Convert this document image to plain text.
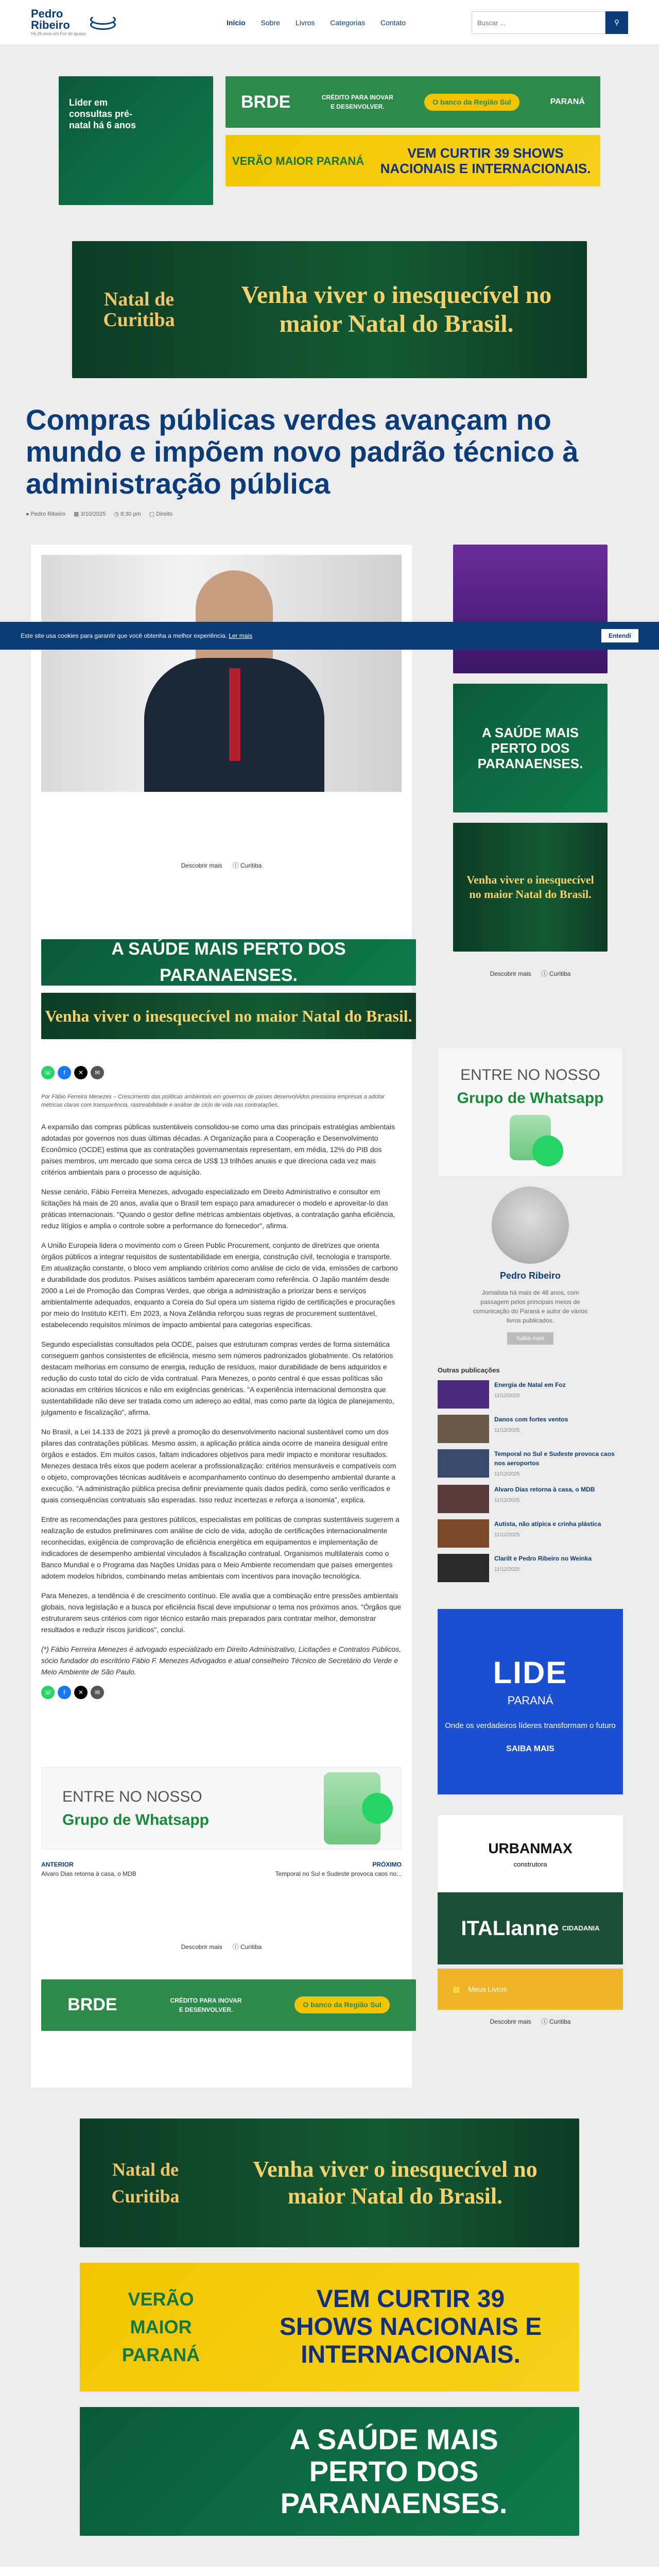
Pedro
Ribeiro
Há 26 anos em Foz do Iguaçu
Início Sobre Livros Categorias Contato
Buscar ...	⚲
Líder em consultas pré-natal há 6 anos
BRDE	CRÉDITO PARA INOVAR E DESENVOLVER.
O banco da Região Sul	PARANÁ
VERÃO MAIOR PARANÁ	VEM CURTIR 39 SHOWS NACIONAIS E INTERNACIONAIS.
Natal de Curitiba
Venha viver o inesquecível no maior Natal do Brasil.
Compras públicas verdes avançam no mundo e impõem novo padrão técnico à administração pública
● Pedro Ribeiro ▦ 3/10/2025 ◷ 8:30 pm ▢ Direito
Este site usa cookies para garantir que você obtenha a melhor experiência.
Ler mais	Entendi
Descobrir mais ⓘ Curitiba
A SAÚDE MAIS PERTO DOS PARANAENSES.
Venha viver o inesquecível no maior Natal do Brasil.
☏	f	✕	✉

Por Fábio Ferreira Menezes – Crescimento das políticas ambientais em governos de países desenvolvidos pressiona empresas a adotar métricas claras com transparência, rastreabilidade e análise de ciclo de vida nas contratações.

A expansão das compras públicas sustentáveis consolidou-se como uma das principais estratégias ambientais adotadas por governos nos duas últimas décadas. A Organização para a Cooperação e Desenvolvimento Econômico (OCDE) estima que as contratações governamentais representam, em média, 12% do PIB dos países membros, um mercado que soma cerca de US$ 13 trilhões anuais e que direciona cada vez mais critérios ambientais para o processo de aquisição.

Nesse cenário, Fábio Ferreira Menezes, advogado especializado em Direito Administrativo e consultor em licitações há mais de 20 anos, avalia que o Brasil tem espaço para amadurecer o modelo e aproveitar-lo das práticas internacionais. "Quando o gestor define métricas ambientais objetivas, a contratação ganha eficiência, reduz litígios e amplia o controle sobre a performance do fornecedor", afirma.

A União Europeia lidera o movimento com o Green Public Procurement, conjunto de diretrizes que orienta órgãos públicos a integrar requisitos de sustentabilidade em energia, construção civil, tecnologia e transporte. Em atualização constante, o bloco vem ampliando critérios como análise de ciclo de vida, emissões de carbono e durabilidade dos produtos. Países asiáticos também apareceram como referência. O Japão mantém desde 2000 a Lei de Promoção das Compras Verdes, que obriga a administração a priorizar bens e serviços ambientalmente adequados, enquanto a Coreia do Sul opera um sistema rígido de certificações e procurações por meio do Instituto KEITI. Em 2023, a Nova Zelândia reforçou suas regras de procurement sustentável, estabelecendo requisitos mínimos de impacto ambiental para categorias específicas.

Segundo especialistas consultados pela OCDE, países que estruturam compras verdes de forma sistemática conseguem ganhos consistentes de eficiência, mesmo sem números padronizados globalmente. Os relatórios destacam melhorias em consumo de energia, redução de resíduos, maior durabilidade de bens adquiridos e redução do custo total do ciclo de vida contratual. Para Menezes, o ponto central é que essas políticas são acionadas em critérios técnicos e não em exigências genéricas. "A experiência internacional demonstra que sustentabilidade não deve ser tratada como um adereço ao edital, mas como parte da lógica de planejamento, julgamento e fiscalização", afirma.

No Brasil, a Lei 14.133 de 2021 já prevê a promoção do desenvolvimento nacional sustentável como um dos pilares das contratações públicas. Mesmo assim, a aplicação prática ainda ocorre de maneira desigual entre órgãos e estados. Em muitos casos, faltam indicadores objetivos para medir impacto e monitorar resultados. Menezes destaca três eixos que podem acelerar a profissionalização: critérios mensuráveis e compatíveis com o objeto, comprovações técnicas auditáveis e acompanhamento contínuo do desempenho ambiental durante a execução. "A administração pública precisa definir previamente quais dados pedirá, como serão verificados e quais consequências contratuais são esperadas. Isso reduz incertezas e reforça a isonomia", explica.

Entre as recomendações para gestores públicos, especialistas em políticas de compras sustentáveis sugerem a realização de estudos preliminares com análise de ciclo de vida, adoção de certificações internacionalmente reconhecidas, exigência de comprovação de eficiência energética em equipamentos e implementação de indicadores de desempenho ambiental vinculados à fiscalização contratual. Organismos multilaterais como o Banco Mundial e o Programa das Nações Unidas para o Meio Ambiente recomendam que países emergentes adotem modelos híbridos, combinando metas ambientais com incentivos para inovação tecnológica.

Para Menezes, a tendência é de crescimento contínuo. Ele avalia que a combinação entre pressões ambientais globais, nova legislação e a busca por eficiência fiscal deve impulsionar o tema nos próximos anos. "Órgãos que estruturarem seus critérios com rigor técnico estarão mais preparados para contratar melhor, demonstrar resultados e reduzir riscos jurídicos", conclui.

(*) Fábio Ferreira Menezes é advogado especializado em Direito Administrativo, Licitações e Contratos Públicos, sócio fundador do escritório Fábio F. Menezes Advogados e atual conselheiro Técnico de Secretário do Verde e Meio Ambiente de São Paulo.

☏	f	✕	✉
ENTRE NO NOSSO
Grupo de Whatsapp
ANTERIOR
Alvaro Dias retorna à casa, o MDB
PRÓXIMO
Temporal no Sul e Sudeste provoca caos no...
Descobrir mais ⓘ Curitiba
BRDE	CRÉDITO PARA INOVAR E DESENVOLVER.
O banco da Região Sul
A SAÚDE MAIS PERTO DOS PARANAENSES.
Venha viver o inesquecível no maior Natal do Brasil.
Descobrir mais ⓘ Curitiba
ENTRE NO NOSSO
Grupo de Whatsapp
Pedro Ribeiro

Jornalista há mais de 48 anos, com passagem pelos principais meios de comunicação do Paraná e autor de vários livros publicados.

Saiba mais
Outras publicações
Energia de Natal em Foz
11/12/2025
Danos com fortes ventos
11/12/2025
Temporal no Sul e Sudeste provoca caos nos aeroportos
11/12/2025
Alvaro Dias retorna à casa, o MDB
11/12/2025
Autista, não atípica e crinha plástica
11/12/2025
Clarilt e Pedro Ribeiro no Weinka
11/12/2025
LIDE
PARANÁ

Onde os verdadeiros líderes transformam o futuro

SAIBA MAIS
URBANMAX
construtora
ITALIanne CIDADANIA
▤ Meus Livros
Descobrir mais ⓘ Curitiba
Natal de Curitiba
Venha viver o inesquecível no maior Natal do Brasil.
VERÃO MAIOR PARANÁ
VEM CURTIR 39 SHOWS NACIONAIS E INTERNACIONAIS.
A SAÚDE MAIS PERTO DOS PARANAENSES.
